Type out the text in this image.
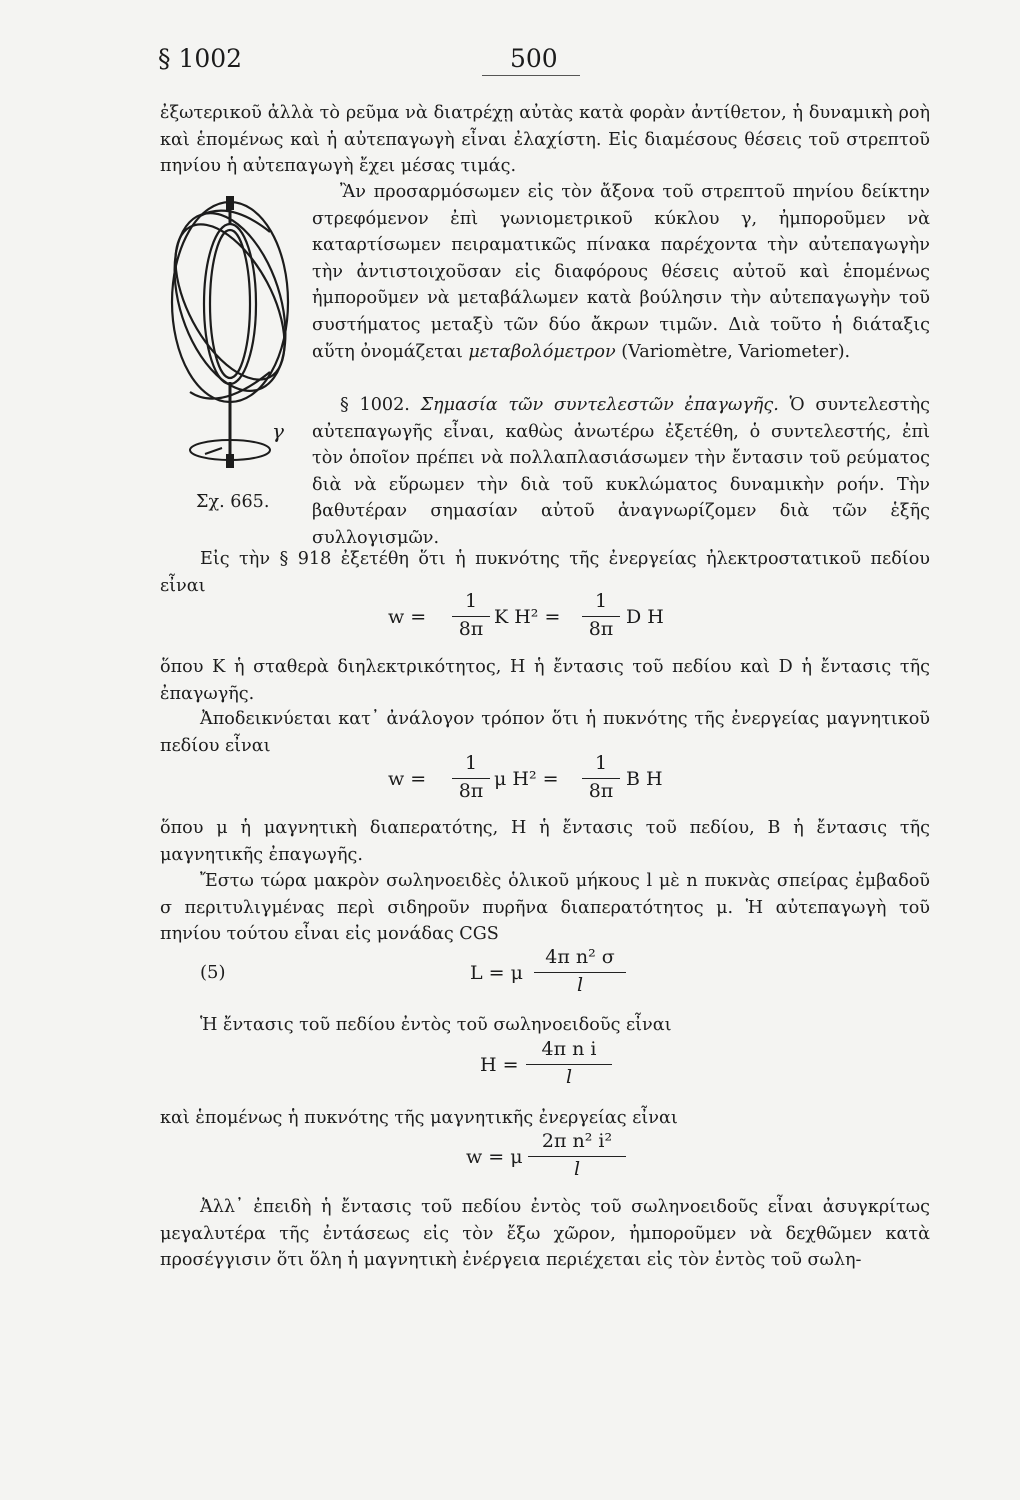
§ 1002	500

ἐξωτερικοῦ ἀλλὰ τὸ ρεῦμα νὰ διατρέχῃ αὐτὰς κατὰ φορὰν ἀντίθετον, ἡ δυναμικὴ ροὴ καὶ ἑπομένως καὶ ἡ αὐτεπαγωγὴ εἶναι ἐλαχίστη. Εἰς διαμέσους θέσεις τοῦ στρεπτοῦ πηνίου ἡ αὐτεπαγωγὴ ἔχει μέσας τιμάς.

γ
Σχ. 665.

Ἂν προσαρμόσωμεν εἰς τὸν ἄξονα τοῦ στρεπτοῦ πηνίου δείκτην στρεφόμενον ἐπὶ γωνιομετρικοῦ κύκλου γ, ἠμποροῦμεν νὰ καταρτίσωμεν πειραματικῶς πίνακα παρέχοντα τὴν αὐτεπαγωγὴν τὴν ἀντιστοιχοῦσαν εἰς διαφόρους θέσεις αὐτοῦ καὶ ἑπομένως ἠμποροῦμεν νὰ μεταβάλωμεν κατὰ βούλησιν τὴν αὐτεπαγωγὴν τοῦ συστήματος μεταξὺ τῶν δύο ἄκρων τιμῶν. Διὰ τοῦτο ἡ διάταξις αὕτη ὀνομάζεται μεταβολόμετρον (Variomètre, Variometer).

§ 1002. Σημασία τῶν συντελεστῶν ἐπαγωγῆς. Ὁ συντελεστὴς αὐτεπαγωγῆς εἶναι, καθὼς ἀνωτέρω ἐξετέθη, ὁ συντελεστής, ἐπὶ τὸν ὁποῖον πρέπει νὰ πολλαπλασιάσωμεν τὴν ἔντασιν τοῦ ρεύματος διὰ νὰ εὕρωμεν τὴν διὰ τοῦ κυκλώματος δυναμικὴν ροήν. Τὴν βαθυτέραν σημασίαν αὐτοῦ ἀναγνωρίζομεν διὰ τῶν ἑξῆς συλλογισμῶν.

Εἰς τὴν § 918 ἐξετέθη ὅτι ἡ πυκνότης τῆς ἐνεργείας ἠλεκτροστατικοῦ πεδίου εἶναι

w =
1
8π
K H² =
1
8π
D H

ὅπου Κ ἡ σταθερὰ διηλεκτρικότητος, Η ἡ ἔντασις τοῦ πεδίου καὶ D ἡ ἔντασις τῆς ἐπαγωγῆς.

Ἀποδεικνύεται κατ᾽ ἀνάλογον τρόπον ὅτι ἡ πυκνότης τῆς ἐνεργείας μαγνητικοῦ πεδίου εἶναι

w =
1
8π
μ H² =
1
8π
B H

ὅπου μ ἡ μαγνητικὴ διαπερατότης, Η ἡ ἔντασις τοῦ πεδίου, Β ἡ ἔντασις τῆς μαγνητικῆς ἐπαγωγῆς.

Ἔστω τώρα μακρὸν σωληνοειδὲς ὁλικοῦ μήκους l μὲ n πυκνὰς σπείρας ἐμβαδοῦ σ περιτυλιγμένας περὶ σιδηροῦν πυρῆνα διαπερατότητος μ. Ἡ αὐτεπαγωγὴ τοῦ πηνίου τούτου εἶναι εἰς μονάδας CGS

(5)	L = μ
4π n² σ
l

Ἡ ἔντασις τοῦ πεδίου ἐντὸς τοῦ σωληνοειδοῦς εἶναι

H =
4π n i
l

καὶ ἑπομένως ἡ πυκνότης τῆς μαγνητικῆς ἐνεργείας εἶναι

w = μ
2π n² i²
l

Ἀλλ᾽ ἐπειδὴ ἡ ἔντασις τοῦ πεδίου ἐντὸς τοῦ σωληνοειδοῦς εἶναι ἀσυγκρίτως μεγαλυτέρα τῆς ἐντάσεως εἰς τὸν ἔξω χῶρον, ἠμποροῦμεν νὰ δεχθῶμεν κατὰ προσέγγισιν ὅτι ὅλη ἡ μαγνητικὴ ἐνέργεια περιέχεται εἰς τὸν ἐντὸς τοῦ σωλη-
